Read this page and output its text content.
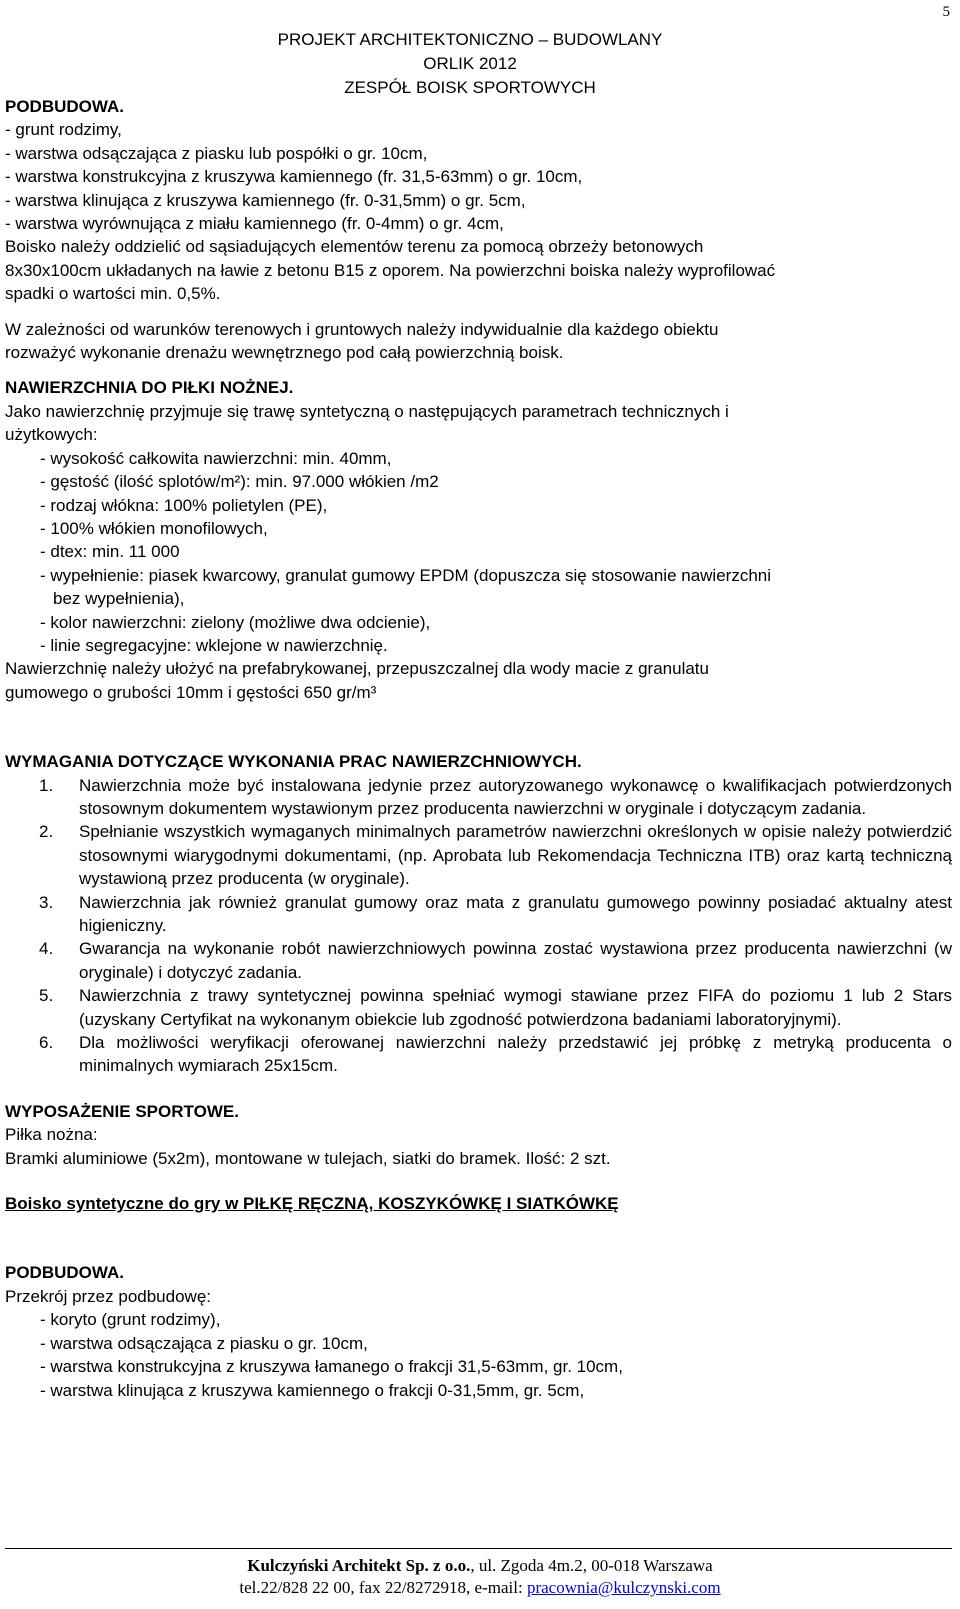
5
PROJEKT ARCHITEKTONICZNO – BUDOWLANY
ORLIK 2012
ZESPÓŁ BOISK SPORTOWYCH
PODBUDOWA.
- grunt rodzimy,
- warstwa odsączająca z piasku lub pospółki o gr. 10cm,
- warstwa konstrukcyjna z kruszywa kamiennego (fr. 31,5-63mm) o gr. 10cm,
- warstwa klinująca z kruszywa kamiennego (fr. 0-31,5mm) o gr. 5cm,
- warstwa wyrównująca z miału kamiennego (fr. 0-4mm) o gr. 4cm,
Boisko należy oddzielić od sąsiadujących elementów terenu za pomocą obrzeży betonowych
8x30x100cm układanych na ławie z betonu B15 z oporem. Na powierzchni boiska należy wyprofilować
spadki o wartości min. 0,5%.
W zależności od warunków terenowych i gruntowych należy indywidualnie dla każdego obiektu
rozważyć wykonanie drenażu wewnętrznego pod całą powierzchnią boisk.
NAWIERZCHNIA DO PIŁKI NOŻNEJ.
Jako nawierzchnię przyjmuje się trawę syntetyczną o następujących parametrach technicznych i
użytkowych:
- wysokość całkowita nawierzchni: min. 40mm,
- gęstość (ilość splotów/m²): min. 97.000 włókien /m2
- rodzaj włókna: 100% polietylen (PE),
- 100% włókien monofilowych,
- dtex: min. 11 000
- wypełnienie: piasek kwarcowy, granulat gumowy EPDM (dopuszcza się stosowanie nawierzchni
bez wypełnienia),
- kolor nawierzchni: zielony (możliwe dwa odcienie),
- linie segregacyjne: wklejone w nawierzchnię.
Nawierzchnię należy ułożyć na prefabrykowanej, przepuszczalnej dla wody macie z granulatu
gumowego o grubości 10mm i gęstości 650 gr/m³
WYMAGANIA DOTYCZĄCE WYKONANIA PRAC NAWIERZCHNIOWYCH.
1. Nawierzchnia może być instalowana jedynie przez autoryzowanego wykonawcę o kwalifikacjach potwierdzonych stosownym dokumentem wystawionym przez producenta nawierzchni w oryginale i dotyczącym zadania.
2. Spełnianie wszystkich wymaganych minimalnych parametrów nawierzchni określonych w opisie należy potwierdzić stosownymi wiarygodnymi dokumentami, (np. Aprobata lub Rekomendacja Techniczna ITB) oraz kartą techniczną wystawioną przez producenta (w oryginale).
3. Nawierzchnia jak również granulat gumowy oraz mata z granulatu gumowego powinny posiadać aktualny atest higieniczny.
4. Gwarancja na wykonanie robót nawierzchniowych powinna zostać wystawiona przez producenta nawierzchni (w oryginale) i dotyczyć zadania.
5. Nawierzchnia z trawy syntetycznej powinna spełniać wymogi stawiane przez FIFA do poziomu 1 lub 2 Stars (uzyskany Certyfikat na wykonanym obiekcie lub zgodność potwierdzona badaniami laboratoryjnymi).
6. Dla możliwości weryfikacji oferowanej nawierzchni należy przedstawić jej próbkę z metryką producenta o minimalnych wymiarach 25x15cm.
WYPOSAŻENIE SPORTOWE.
Piłka nożna:
Bramki aluminiowe (5x2m), montowane w tulejach, siatki do bramek. Ilość: 2 szt.
Boisko syntetyczne do gry w PIŁKĘ RĘCZNĄ, KOSZYKÓWKĘ I SIATKÓWKĘ
PODBUDOWA.
Przekrój przez podbudowę:
- koryto (grunt rodzimy),
- warstwa odsączająca z piasku o gr. 10cm,
- warstwa konstrukcyjna z kruszywa łamanego o frakcji 31,5-63mm, gr. 10cm,
- warstwa klinująca z kruszywa kamiennego o frakcji 0-31,5mm, gr. 5cm,
Kulczyński Architekt Sp. z o.o., ul. Zgoda 4m.2, 00-018 Warszawa
tel.22/828 22 00, fax 22/8272918, e-mail: pracownia@kulczynski.com
